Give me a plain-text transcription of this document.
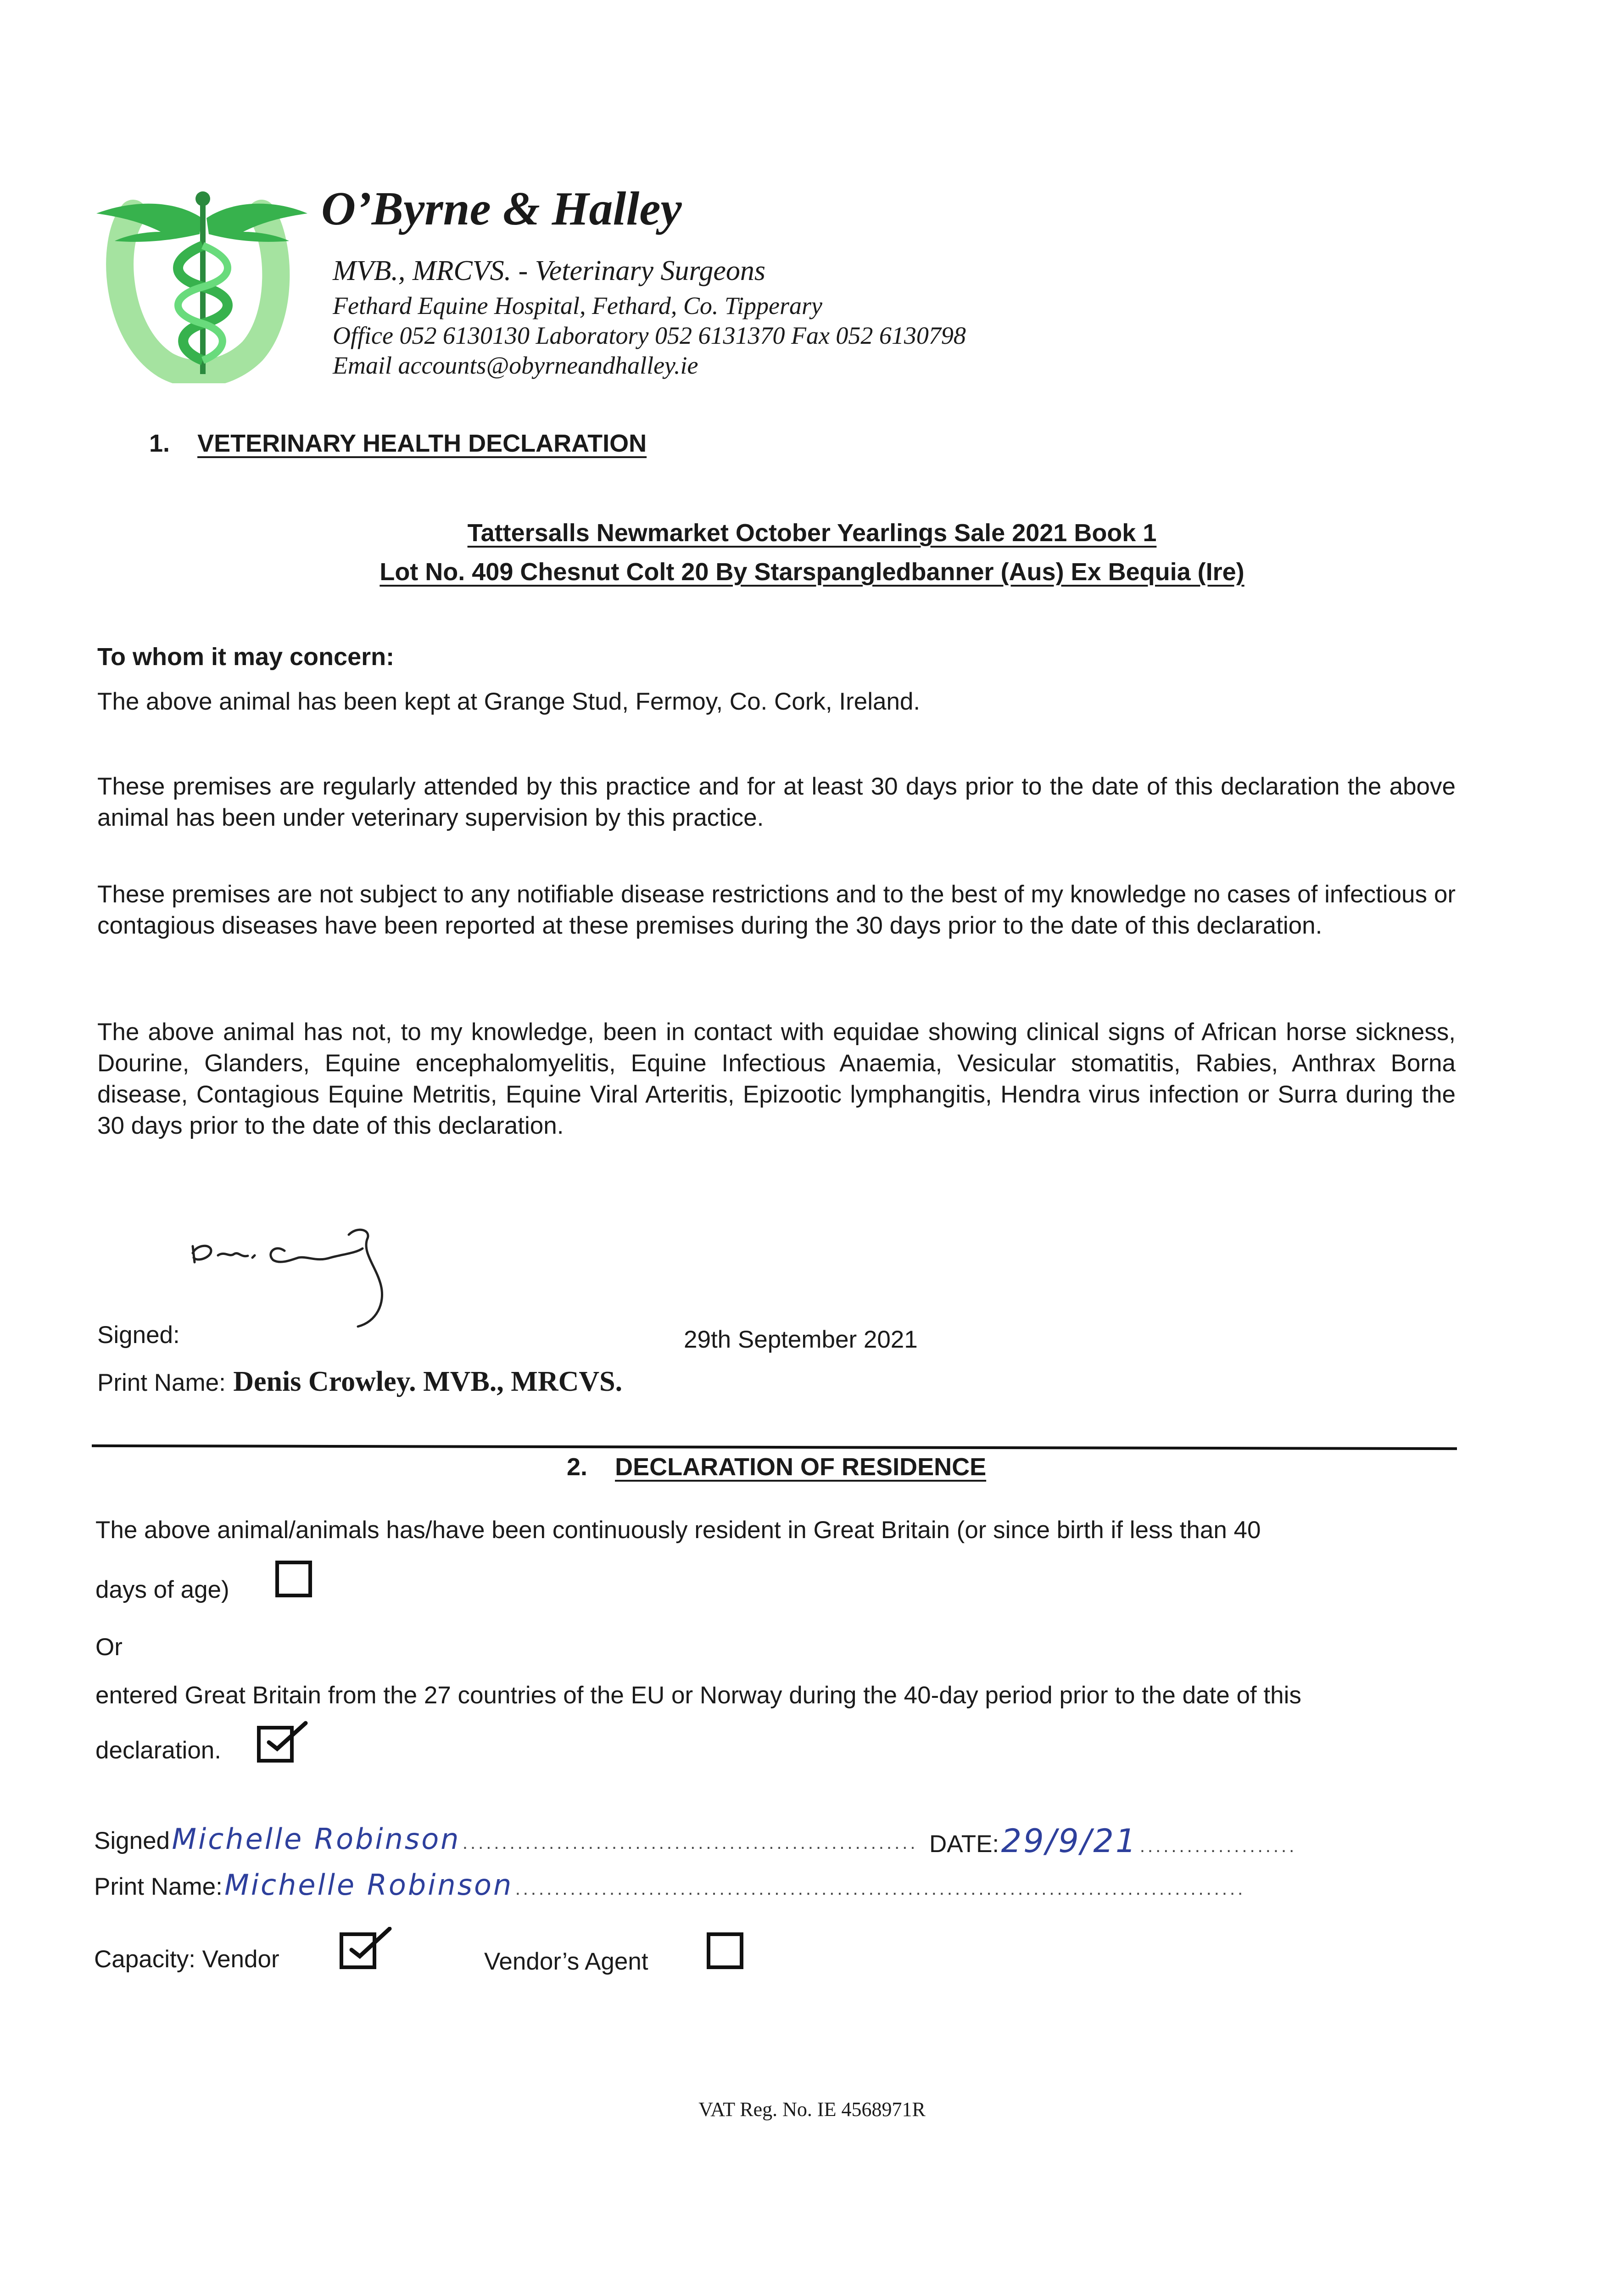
O’Byrne & Halley
MVB., MRCVS. - Veterinary Surgeons
Fethard Equine Hospital, Fethard, Co. Tipperary
Office 052 6130130 Laboratory 052 6131370 Fax 052 6130798
Email accounts@obyrneandhalley.ie
1. VETERINARY HEALTH DECLARATION
Tattersalls Newmarket October Yearlings Sale 2021 Book 1
Lot No. 409 Chesnut Colt 20 By Starspangledbanner (Aus) Ex Bequia (Ire)
To whom it may concern:
The above animal has been kept at Grange Stud, Fermoy, Co. Cork, Ireland.
These premises are regularly attended by this practice and for at least 30 days prior to the date of this declaration the above animal has been under veterinary supervision by this practice.
These premises are not subject to any notifiable disease restrictions and to the best of my knowledge no cases of infectious or contagious diseases have been reported at these premises during the 30 days prior to the date of this declaration.
The above animal has not, to my knowledge, been in contact with equidae showing clinical signs of African horse sickness, Dourine, Glanders, Equine encephalomyelitis, Equine Infectious Anaemia, Vesicular stomatitis, Rabies, Anthrax Borna disease, Contagious Equine Metritis, Equine Viral Arteritis, Epizootic lymphangitis, Hendra virus infection or Surra during the 30 days prior to the date of this declaration.
Signed:	29th September 2021
Print Name: Denis Crowley. MVB., MRCVS.
2. DECLARATION OF RESIDENCE
The above animal/animals has/have been continuously resident in Great Britain (or since birth if less than 40
days of age)
Or
entered Great Britain from the 27 countries of the EU or Norway during the 40-day period prior to the date of this
declaration.
Signed Michelle Robinson .......................................................... DATE: 29/9/21 ....................
Print Name: Michelle Robinson .............................................................................................
Capacity: Vendor	Vendor’s Agent
VAT Reg. No. IE 4568971R
